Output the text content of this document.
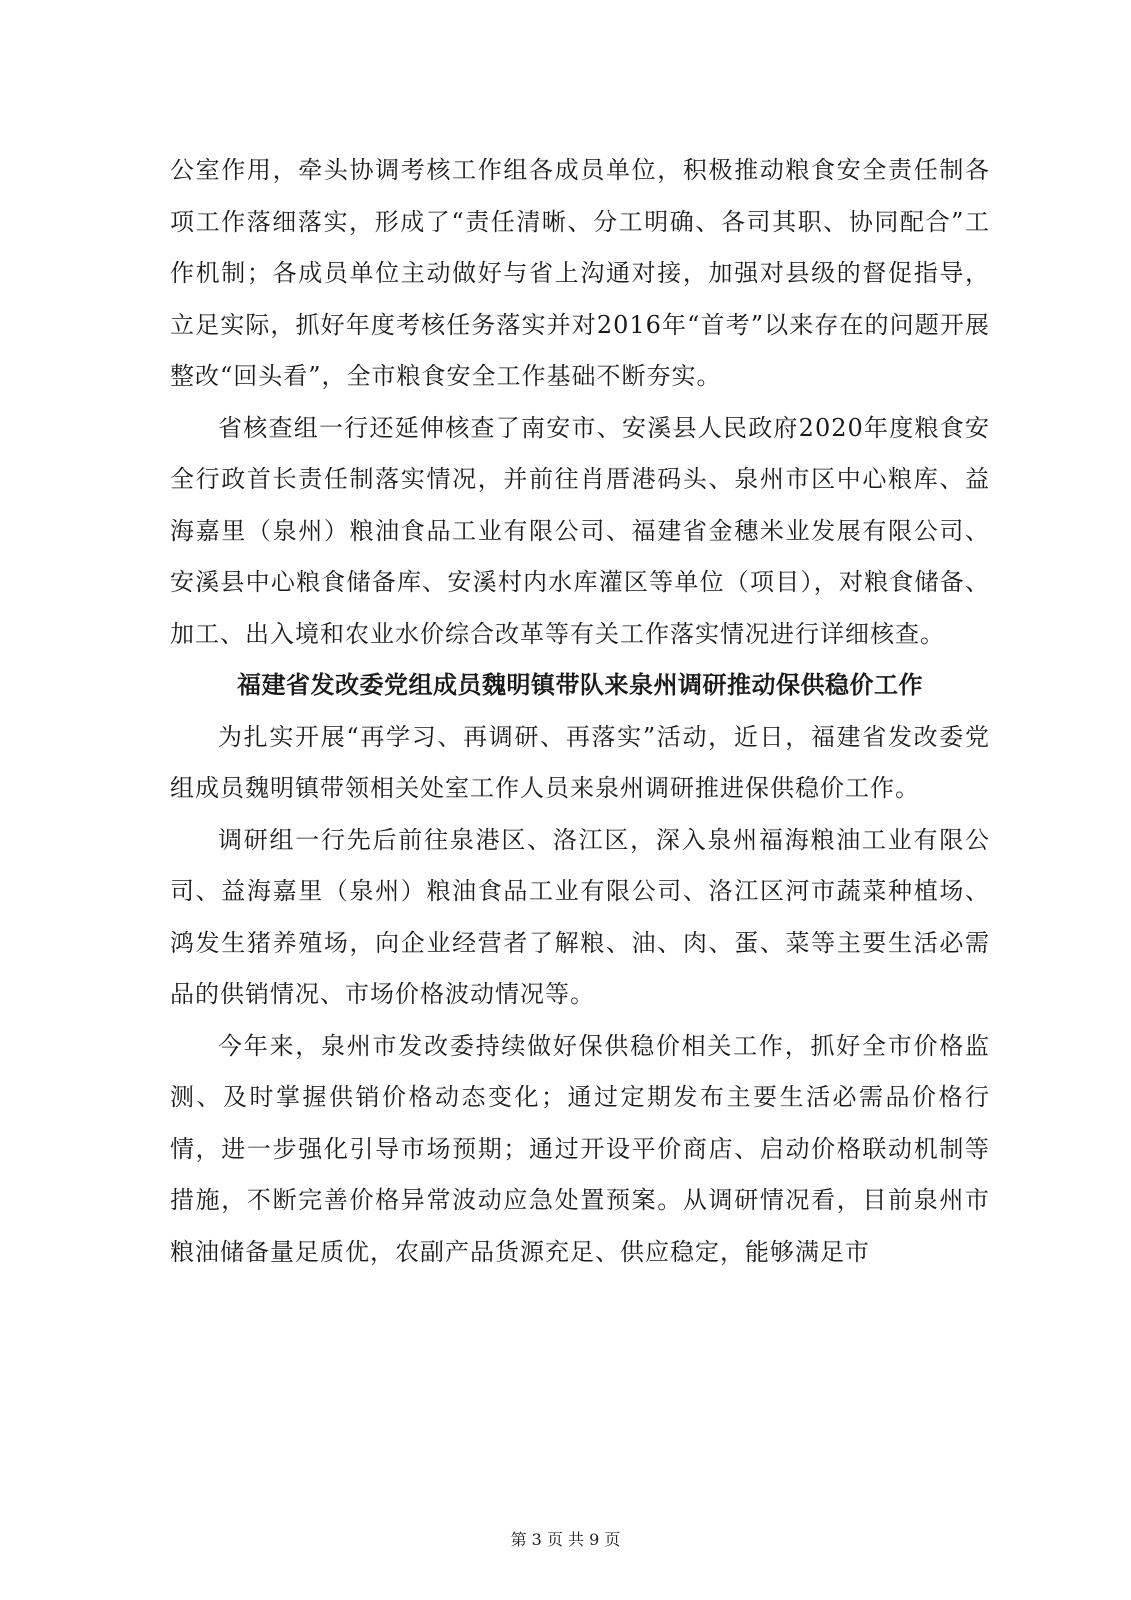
公室作用，牵头协调考核工作组各成员单位，积极推动粮食安全责任制各项工作落细落实，形成了“责任清晰、分工明确、各司其职、协同配合”工作机制；各成员单位主动做好与省上沟通对接，加强对县级的督促指导，立足实际，抓好年度考核任务落实并对2016年“首考”以来存在的问题开展整改“回头看”，全市粮食安全工作基础不断夯实。

省核查组一行还延伸核查了南安市、安溪县人民政府2020年度粮食安全行政首长责任制落实情况，并前往肖厝港码头、泉州市区中心粮库、益海嘉里（泉州）粮油食品工业有限公司、福建省金穗米业发展有限公司、安溪县中心粮食储备库、安溪村内水库灌区等单位（项目），对粮食储备、加工、出入境和农业水价综合改革等有关工作落实情况进行详细核查。

福建省发改委党组成员魏明镇带队来泉州调研推动保供稳价工作

为扎实开展“再学习、再调研、再落实”活动，近日，福建省发改委党组成员魏明镇带领相关处室工作人员来泉州调研推进保供稳价工作。

调研组一行先后前往泉港区、洛江区，深入泉州福海粮油工业有限公司、益海嘉里（泉州）粮油食品工业有限公司、洛江区河市蔬菜种植场、鸿发生猪养殖场，向企业经营者了解粮、油、肉、蛋、菜等主要生活必需品的供销情况、市场价格波动情况等。

今年来，泉州市发改委持续做好保供稳价相关工作，抓好全市价格监测、及时掌握供销价格动态变化；通过定期发布主要生活必需品价格行情，进一步强化引导市场预期；通过开设平价商店、启动价格联动机制等措施，不断完善价格异常波动应急处置预案。从调研情况看，目前泉州市粮油储备量足质优，农副产品货源充足、供应稳定，能够满足市

第 3 页 共 9 页
